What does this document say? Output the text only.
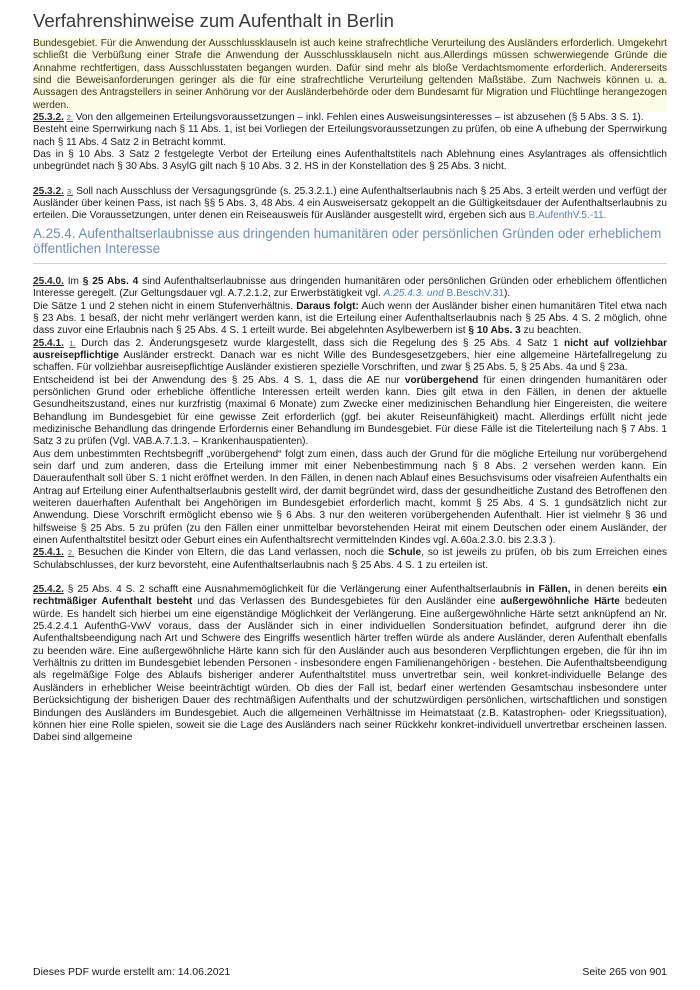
Verfahrenshinweise zum Aufenthalt in Berlin

Bundesgebiet. Für die Anwendung der Ausschlussklauseln ist auch keine strafrechtliche Verurteilung des Ausländers erforderlich. Umgekehrt schließt die Verbüßung einer Strafe die Anwendung der Ausschlussklauseln nicht aus.Allerdings müssen schwerwiegende Gründe die Annahme rechtfertigen, dass Ausschlusstaten begangen wurden. Dafür sind mehr als bloße Verdachtsmomente erforderlich. Andererseits sind die Beweisanforderungen geringer als die für eine strafrechtliche Verurteilung geltenden Maßstäbe. Zum Nachweis können u. a. Aussagen des Antragstellers in seiner Anhörung vor der Ausländerbehörde oder dem Bundesamt für Migration und Flüchtlinge herangezogen werden.

25.3.2. 2. Von den allgemeinen Erteilungsvoraussetzungen – inkl. Fehlen eines Ausweisungsinteresses – ist abzusehen (§ 5 Abs. 3 S. 1).

Besteht eine Sperrwirkung nach § 11 Abs. 1, ist bei Vorliegen der Erteilungsvoraussetzungen zu prüfen, ob eine A ufhebung der Sperrwirkung nach § 11 Abs. 4 Satz 2 in Betracht kommt.

Das in § 10 Abs. 3 Satz 2 festgelegte Verbot der Erteilung eines Aufenthaltstitels nach Ablehnung eines Asylantrages als offensichtlich unbegründet nach § 30 Abs. 3 AsylG gilt nach § 10 Abs. 3 2. HS in der Konstellation des § 25 Abs. 3 nicht.

25.3.2. 3. Soll nach Ausschluss der Versagungsgründe (s. 25.3.2.1.) eine Aufenthaltserlaubnis nach § 25 Abs. 3 erteilt werden und verfügt der Ausländer über keinen Pass, ist nach §§ 5 Abs. 3, 48 Abs. 4 ein Ausweisersatz gekoppelt an die Gültigkeitsdauer der Aufenthaltserlaubnis zu erteilen. Die Voraussetzungen, unter denen ein Reiseausweis für Ausländer ausgestellt wird, ergeben sich aus B.AufenthV.5.-11.

A.25.4. Aufenthaltserlaubnisse aus dringenden humanitären oder persönlichen Gründen oder erheblichem öffentlichen Interesse

25.4.0. Im § 25 Abs. 4 sind Aufenthaltserlaubnisse aus dringenden humanitären oder persönlichen Gründen oder erheblichem öffentlichen Interesse geregelt. (Zur Geltungsdauer vgl. A.7.2.1.2, zur Erwerbstätigkeit vgl. A.25.4.3. und B.BeschV.31).

Die Sätze 1 und 2 stehen nicht in einem Stufenverhältnis. Daraus folgt: Auch wenn der Ausländer bisher einen humanitären Titel etwa nach § 23 Abs. 1 besaß, der nicht mehr verlängert werden kann, ist die Erteilung einer Aufenthaltserlaubnis nach § 25 Abs. 4 S. 2 möglich, ohne dass zuvor eine Erlaubnis nach § 25 Abs. 4 S. 1 erteilt wurde. Bei abgelehnten Asylbewerbern ist § 10 Abs. 3 zu beachten.

25.4.1. 1. Durch das 2. Änderungsgesetz wurde klargestellt, dass sich die Regelung des § 25 Abs. 4 Satz 1 nicht auf vollziehbar ausreisepflichtige Ausländer erstreckt. Danach war es nicht Wille des Bundesgesetzgebers, hier eine allgemeine Härtefallregelung zu schaffen. Für vollziehbar ausreisepflichtige Ausländer existieren spezielle Vorschriften, und zwar § 25 Abs. 5, § 25 Abs. 4a und § 23a.

Entscheidend ist bei der Anwendung des § 25 Abs. 4 S. 1, dass die AE nur vorübergehend für einen dringenden humanitären oder persönlichen Grund oder erhebliche öffentliche Interessen erteilt werden kann. Dies gilt etwa in den Fällen, in denen der aktuelle Gesundheitszustand, eines nur kurzfristig (maximal 6 Monate) zum Zwecke einer medizinischen Behandlung hier Eingereisten, die weitere Behandlung im Bundesgebiet für eine gewisse Zeit erforderlich (ggf. bei akuter Reiseunfähigkeit) macht. Allerdings erfüllt nicht jede medizinische Behandlung das dringende Erfordernis einer Behandlung im Bundesgebiet. Für diese Fälle ist die Titelerteilung nach § 7 Abs. 1 Satz 3 zu prüfen (Vgl. VAB.A.7.1.3. – Krankenhauspatienten).

Aus dem unbestimmten Rechtsbegriff „vorübergehend“ folgt zum einen, dass auch der Grund für die mögliche Erteilung nur vorübergehend sein darf und zum anderen, dass die Erteilung immer mit einer Nebenbestimmung nach § 8 Abs. 2 versehen werden kann. Ein Daueraufenthalt soll über S. 1 nicht eröffnet werden. In den Fällen, in denen nach Ablauf eines Besuchsvisums oder visafreien Aufenthalts ein Antrag auf Erteilung einer Aufenthaltserlaubnis gestellt wird, der damit begründet wird, dass der gesundheitliche Zustand des Betroffenen den weiteren dauerhaften Aufenthalt bei Angehörigen im Bundesgebiet erforderlich macht, kommt § 25 Abs. 4 S. 1 gundsätzlich nicht zur Anwendung. Diese Vorschrift ermöglicht ebenso wie § 6 Abs. 3 nur den weiteren vorübergehenden Aufenthalt. Hier ist vielmehr § 36 und hilfsweise § 25 Abs. 5 zu prüfen (zu den Fällen einer unmittelbar bevorstehenden Heirat mit einem Deutschen oder einem Ausländer, der einen Aufenthaltstitel besitzt oder Geburt eines ein Aufenthaltsrecht vermittelnden Kindes vgl. A.60a.2.3.0. bis 2.3.3 ).

25.4.1. 2. Besuchen die Kinder von Eltern, die das Land verlassen, noch die Schule, so ist jeweils zu prüfen, ob bis zum Erreichen eines Schulabschlusses, der kurz bevorsteht, eine Aufenthaltserlaubnis nach § 25 Abs. 4 S. 1 zu erteilen ist.

25.4.2. § 25 Abs. 4 S. 2 schafft eine Ausnahmemöglichkeit für die Verlängerung einer Aufenthaltserlaubnis in Fällen, in denen bereits ein rechtmäßiger Aufenthalt besteht und das Verlassen des Bundesgebietes für den Ausländer eine außergewöhnliche Härte bedeuten würde. Es handelt sich hierbei um eine eigenständige Möglichkeit der Verlängerung. Eine außergewöhnliche Härte setzt anknüpfend an Nr. 25.4.2.4.1 AufenthG-VwV voraus, dass der Ausländer sich in einer individuellen Sondersituation befindet, aufgrund derer ihn die Aufenthaltsbeendigung nach Art und Schwere des Eingriffs wesentlich härter treffen würde als andere Ausländer, deren Aufenthalt ebenfalls zu beenden wäre. Eine außergewöhnliche Härte kann sich für den Ausländer auch aus besonderen Verpflichtungen ergeben, die für ihn im Verhältnis zu dritten im Bundesgebiet lebenden Personen - insbesondere engen Familienangehörigen - bestehen. Die Aufenthaltsbeendigung als regelmäßige Folge des Ablaufs bisheriger anderer Aufenthaltstitel muss unvertretbar sein, weil konkret-individuelle Belange des Ausländers in erheblicher Weise beeinträchtigt würden. Ob dies der Fall ist, bedarf einer wertenden Gesamtschau insbesondere unter Berücksichtigung der bisherigen Dauer des rechtmäßigen Aufenthalts und der schutzwürdigen persönlichen, wirtschaftlichen und sonstigen Bindungen des Ausländers im Bundesgebiet. Auch die allgemeinen Verhältnisse im Heimatstaat (z.B. Katastrophen- oder Kriegssituation), können hier eine Rolle spielen, soweit sie die Lage des Ausländers nach seiner Rückkehr konkret-individuell unvertretbar erscheinen lassen. Dabei sind allgemeine

Dieses PDF wurde erstellt am: 14.06.2021	Seite 265 von 901
